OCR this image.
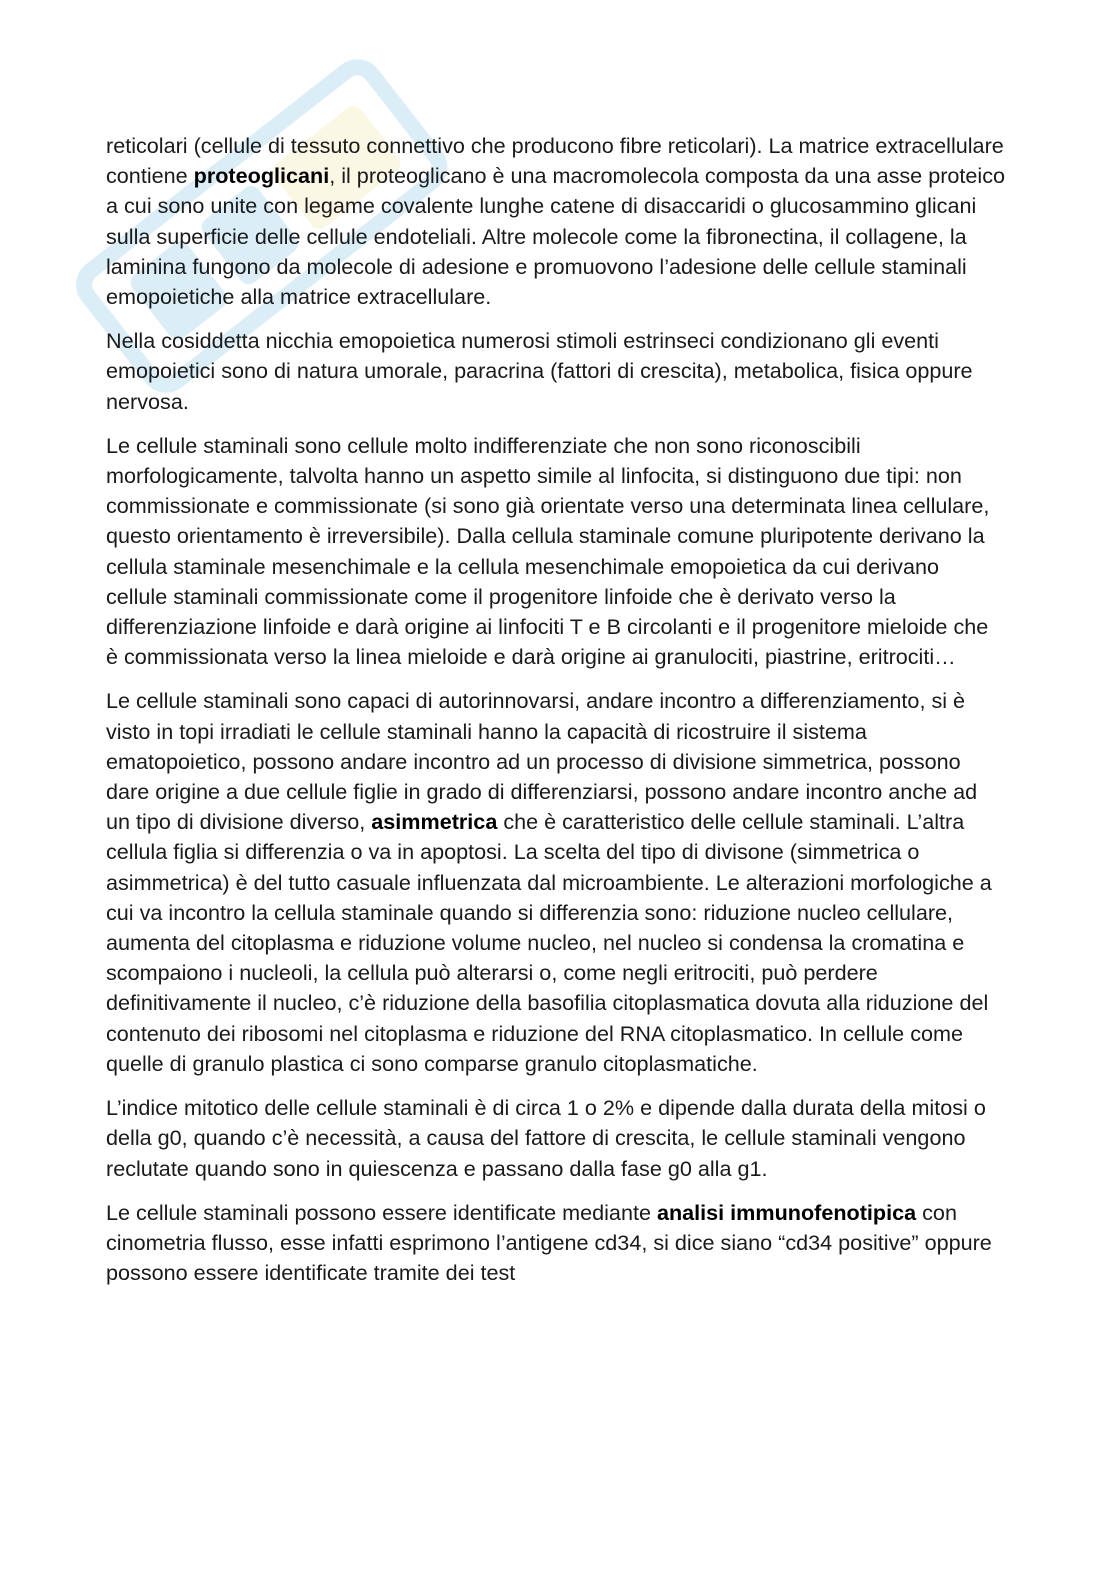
reticolari (cellule di tessuto connettivo che producono fibre reticolari). La matrice extracellulare contiene proteoglicani, il proteoglicano è una macromolecola composta da una asse proteico a cui sono unite con legame covalente lunghe catene di disaccaridi o glucosammino glicani sulla superficie delle cellule endoteliali. Altre molecole come la fibronectina, il collagene, la laminina fungono da molecole di adesione e promuovono l’adesione delle cellule staminali emopoietiche alla matrice extracellulare.

Nella cosiddetta nicchia emopoietica numerosi stimoli estrinseci condizionano gli eventi emopoietici sono di natura umorale, paracrina (fattori di crescita), metabolica, fisica oppure nervosa.

Le cellule staminali sono cellule molto indifferenziate che non sono riconoscibili morfologicamente, talvolta hanno un aspetto simile al linfocita, si distinguono due tipi: non commissionate e commissionate (si sono già orientate verso una determinata linea cellulare, questo orientamento è irreversibile). Dalla cellula staminale comune pluripotente derivano la cellula staminale mesenchimale e la cellula mesenchimale emopoietica da cui derivano cellule staminali commissionate come il progenitore linfoide che è derivato verso la differenziazione linfoide e darà origine ai linfociti T e B circolanti e il progenitore mieloide che è commissionata verso la linea mieloide e darà origine ai granulociti, piastrine, eritrociti…

Le cellule staminali sono capaci di autorinnovarsi, andare incontro a differenziamento, si è visto in topi irradiati le cellule staminali hanno la capacità di ricostruire il sistema ematopoietico, possono andare incontro ad un processo di divisione simmetrica, possono dare origine a due cellule figlie in grado di differenziarsi, possono andare incontro anche ad un tipo di divisione diverso, asimmetrica che è caratteristico delle cellule staminali. L’altra cellula figlia si differenzia o va in apoptosi. La scelta del tipo di divisone (simmetrica o asimmetrica) è del tutto casuale influenzata dal microambiente. Le alterazioni morfologiche a cui va incontro la cellula staminale quando si differenzia sono: riduzione nucleo cellulare, aumenta del citoplasma e riduzione volume nucleo, nel nucleo si condensa la cromatina e scompaiono i nucleoli, la cellula può alterarsi o, come negli eritrociti, può perdere definitivamente il nucleo, c’è riduzione della basofilia citoplasmatica dovuta alla riduzione del contenuto dei ribosomi nel citoplasma e riduzione del RNA citoplasmatico. In cellule come quelle di granulo plastica ci sono comparse granulo citoplasmatiche.

L’indice mitotico delle cellule staminali è di circa 1 o 2% e dipende dalla durata della mitosi o della g0, quando c’è necessità, a causa del fattore di crescita, le cellule staminali vengono reclutate quando sono in quiescenza e passano dalla fase g0 alla g1.

Le cellule staminali possono essere identificate mediante analisi immunofenotipica con cinometria flusso, esse infatti esprimono l’antigene cd34, si dice siano “cd34 positive” oppure possono essere identificate tramite dei test
